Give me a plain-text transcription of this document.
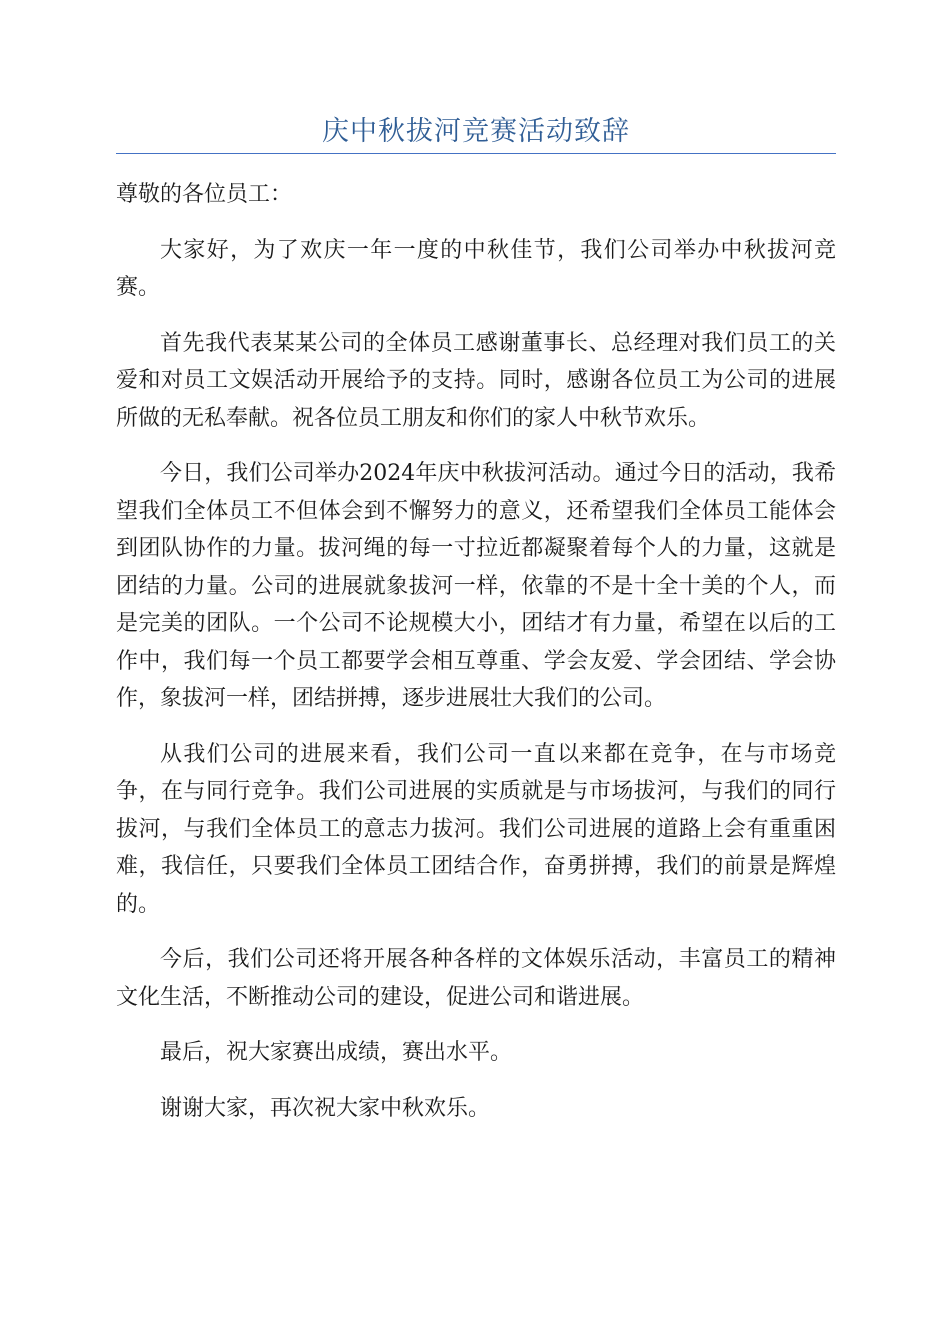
庆中秋拔河竞赛活动致辞

尊敬的各位员工：

大家好，为了欢庆一年一度的中秋佳节，我们公司举办中秋拔河竞赛。

首先我代表某某公司的全体员工感谢董事长、总经理对我们员工的关爱和对员工文娱活动开展给予的支持。同时，感谢各位员工为公司的进展所做的无私奉献。祝各位员工朋友和你们的家人中秋节欢乐。

今日，我们公司举办2024年庆中秋拔河活动。通过今日的活动，我希望我们全体员工不但体会到不懈努力的意义，还希望我们全体员工能体会到团队协作的力量。拔河绳的每一寸拉近都凝聚着每个人的力量，这就是团结的力量。公司的进展就象拔河一样，依靠的不是十全十美的个人，而是完美的团队。一个公司不论规模大小，团结才有力量，希望在以后的工作中，我们每一个员工都要学会相互尊重、学会友爱、学会团结、学会协作，象拔河一样，团结拼搏，逐步进展壮大我们的公司。

从我们公司的进展来看，我们公司一直以来都在竞争，在与市场竞争，在与同行竞争。我们公司进展的实质就是与市场拔河，与我们的同行拔河，与我们全体员工的意志力拔河。我们公司进展的道路上会有重重困难，我信任，只要我们全体员工团结合作，奋勇拼搏，我们的前景是辉煌的。

今后，我们公司还将开展各种各样的文体娱乐活动，丰富员工的精神文化生活，不断推动公司的建设，促进公司和谐进展。

最后，祝大家赛出成绩，赛出水平。

谢谢大家，再次祝大家中秋欢乐。
